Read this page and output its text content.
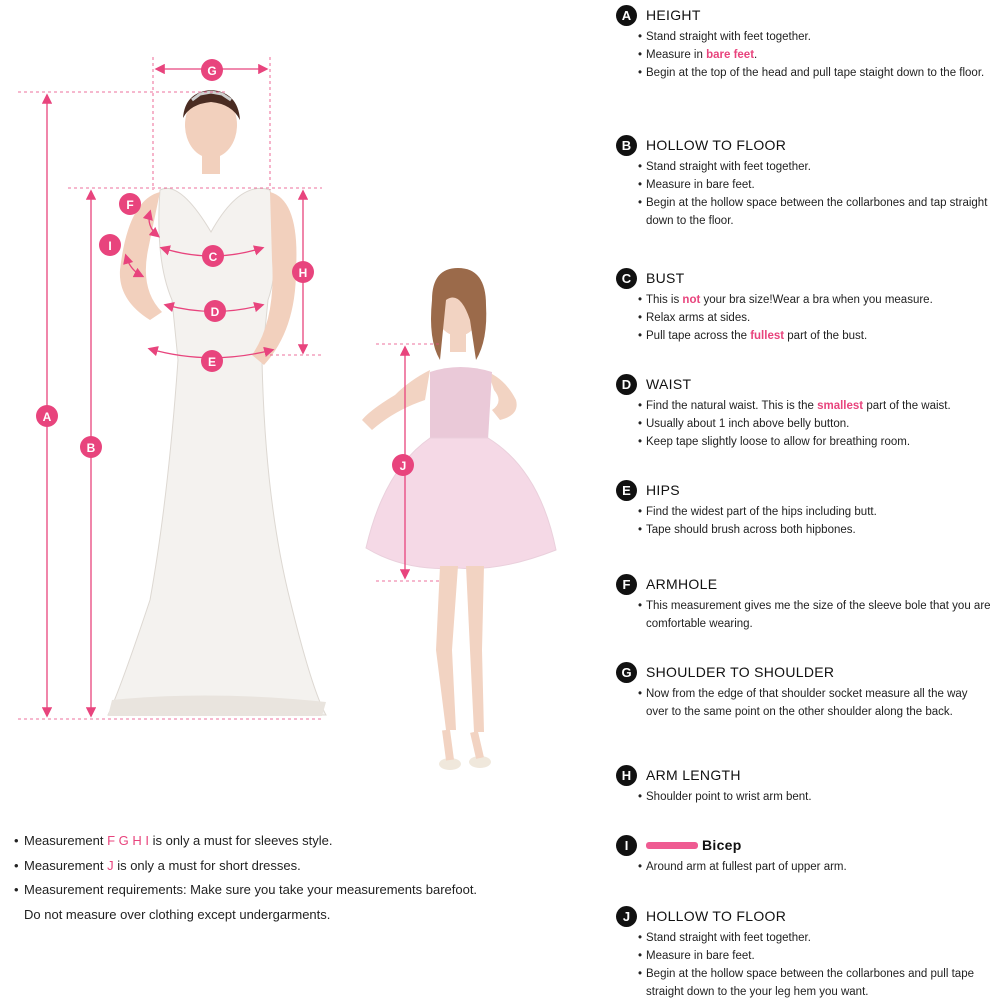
A
B
C
D
E
F
G
H
I
J
A	HEIGHT
• Stand straight with feet together.
• Measure in bare feet.
• Begin at the top of the head and pull tape staight down to the floor.
B	HOLLOW TO FLOOR
• Stand straight with feet together.
• Measure in bare feet.
• Begin at the hollow space between the collarbones and tap straight down to the floor.
C	BUST
• This is not your bra size!Wear a bra when you measure.
• Relax arms at sides.
• Pull tape across the fullest part of the bust.
D	WAIST
• Find the natural waist. This is the smallest part of the waist.
• Usually about 1 inch above belly button.
• Keep tape slightly loose to allow for breathing room.
E	HIPS
• Find the widest part of the hips including butt.
• Tape should brush across both hipbones.
F	ARMHOLE
• This measurement gives me the size of the sleeve bole that you are comfortable wearing.
G	SHOULDER TO SHOULDER
• Now from the edge of that shoulder socket measure all the way over to the same point on the other shoulder along the back.
H	ARM LENGTH
• Shoulder point to wrist arm bent.
I	Bicep
• Around arm at fullest part of upper arm.
J	HOLLOW TO FLOOR
• Stand straight with feet together.
• Measure in bare feet.
• Begin at the hollow space between the collarbones and pull tape straight down to the your leg hem you want.
• Measurement F G H I is only a must for sleeves style.
• Measurement J is only a must for short dresses.
• Measurement requirements: Make sure you take your measurements barefoot.
Do not measure over clothing except undergarments.
